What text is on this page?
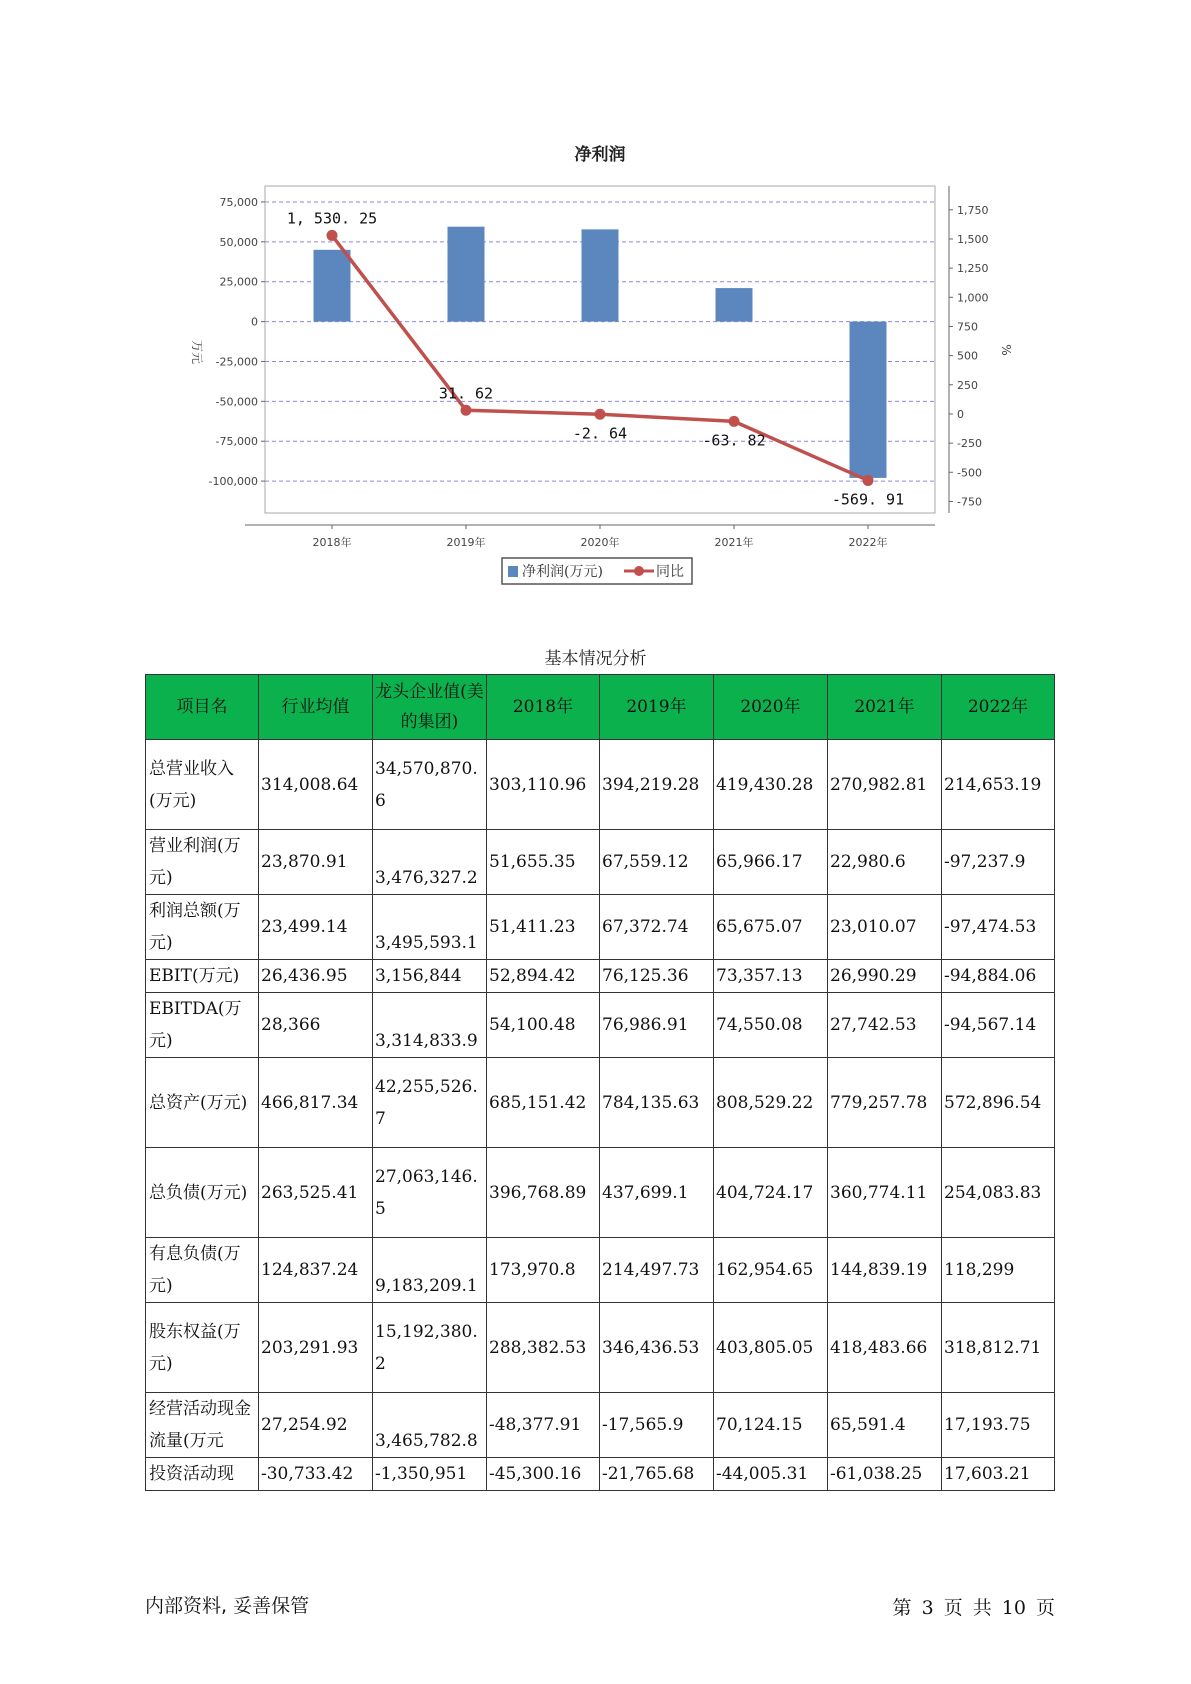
净利润
75,000
50,000
25,000
0
-25,000
-50,000
-75,000
-100,000
1,750
1,500
1,250
1,000
750
500
250
0
-250
-500
-750
万元	%
2018年	2019年	2020年	2021年	2022年
1, 530. 25
31. 62
-2. 64	-63. 82
-569. 91
净利润(万元)	同比
基本情况分析
项目名	行业均值	龙头企业值(美的集团)	2018年	2019年	2020年	2021年	2022年
总营业收入(万元)	314,008.64	34,570,870.6	303,110.96	394,219.28	419,430.28	270,982.81	214,653.19
营业利润(万元)	23,870.91	3,476,327.2	51,655.35	67,559.12	65,966.17	22,980.6	-97,237.9
利润总额(万元)	23,499.14	3,495,593.1	51,411.23	67,372.74	65,675.07	23,010.07	-97,474.53
EBIT(万元)	26,436.95	3,156,844	52,894.42	76,125.36	73,357.13	26,990.29	-94,884.06
EBITDA(万元)	28,366	3,314,833.9	54,100.48	76,986.91	74,550.08	27,742.53	-94,567.14
总资产(万元)	466,817.34	42,255,526.7	685,151.42	784,135.63	808,529.22	779,257.78	572,896.54
总负债(万元)	263,525.41	27,063,146.5	396,768.89	437,699.1	404,724.17	360,774.11	254,083.83
有息负债(万元)	124,837.24	9,183,209.1	173,970.8	214,497.73	162,954.65	144,839.19	118,299
股东权益(万元)	203,291.93	15,192,380.2	288,382.53	346,436.53	403,805.05	418,483.66	318,812.71
经营活动现金流量(万元	27,254.92	3,465,782.8	-48,377.91	-17,565.9	70,124.15	65,591.4	17,193.75
投资活动现	-30,733.42	-1,350,951	-45,300.16	-21,765.68	-44,005.31	-61,038.25	17,603.21
内部资料, 妥善保管	第 3 页 共 10 页
